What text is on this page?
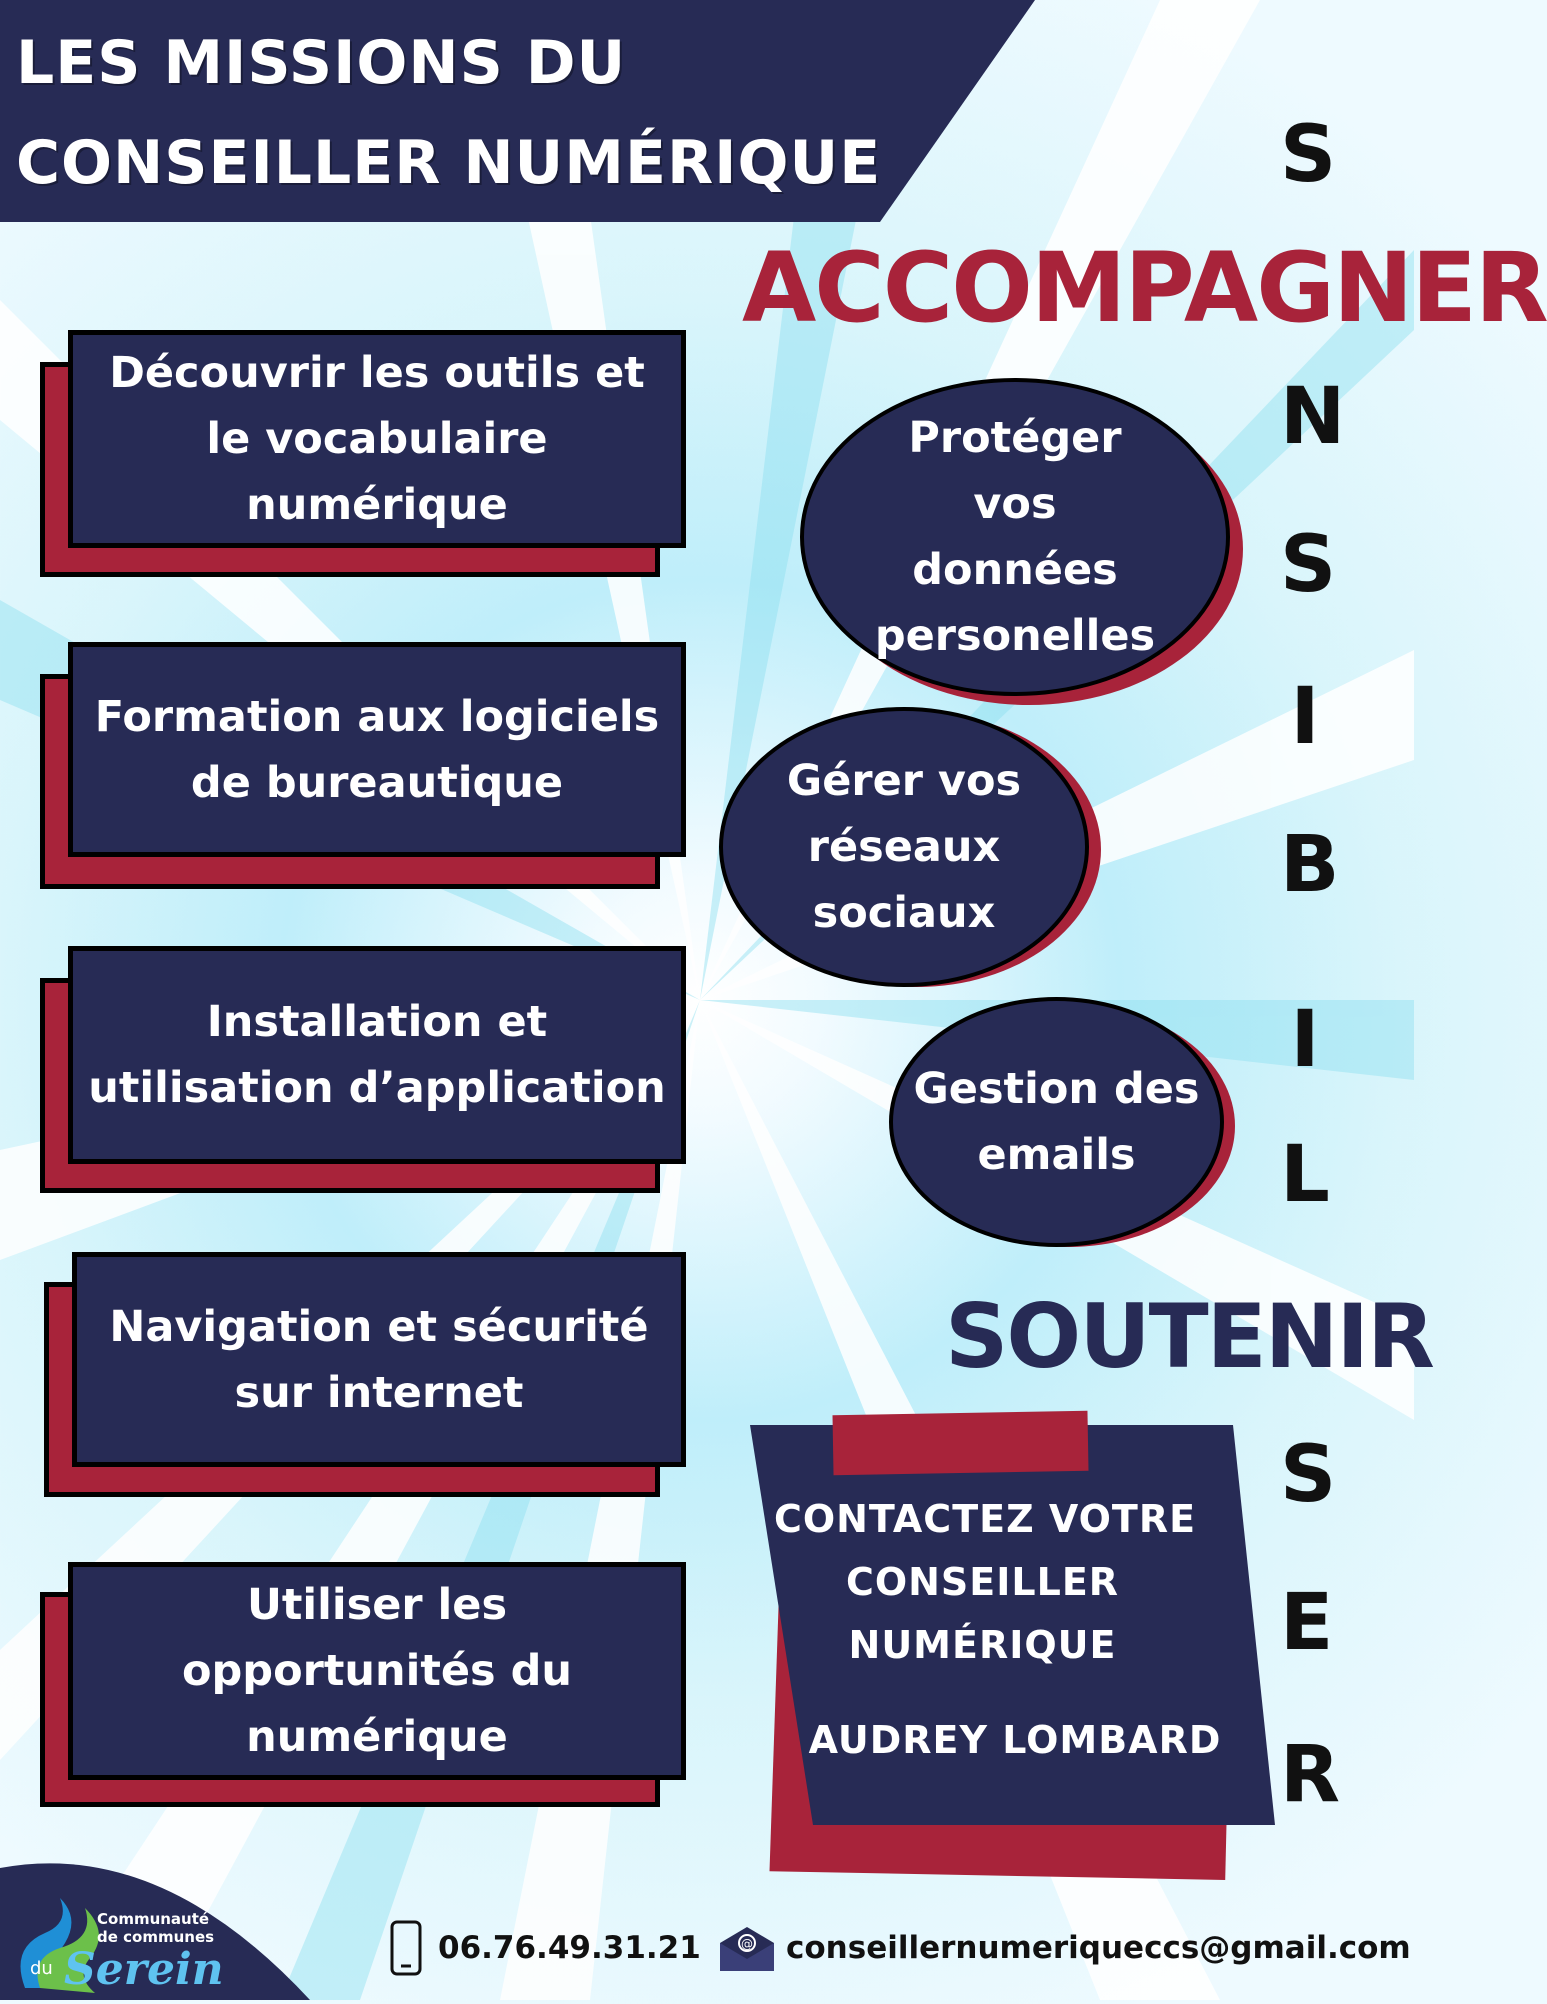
LES MISSIONS DU
CONSEILLER NUMÉRIQUE
ACCOMPAGNER
SOUTENIR
S
N
S
I
B
I
L
S
E
R
Découvrir les outils et le vocabulaire numérique
Formation aux logiciels de bureautique
Installation et utilisation d’application
Navigation et sécurité sur internet
Utiliser les opportunités du numérique
Protéger vos données personelles
Gérer vos réseaux sociaux
Gestion des emails
CONTACTEZ VOTRE
CONSEILLER
NUMÉRIQUE
AUDREY LOMBARD
Communauté
de communes
du Serein	06.76.49.31.21	@ conseillernumeriqueccs@gmail.com
